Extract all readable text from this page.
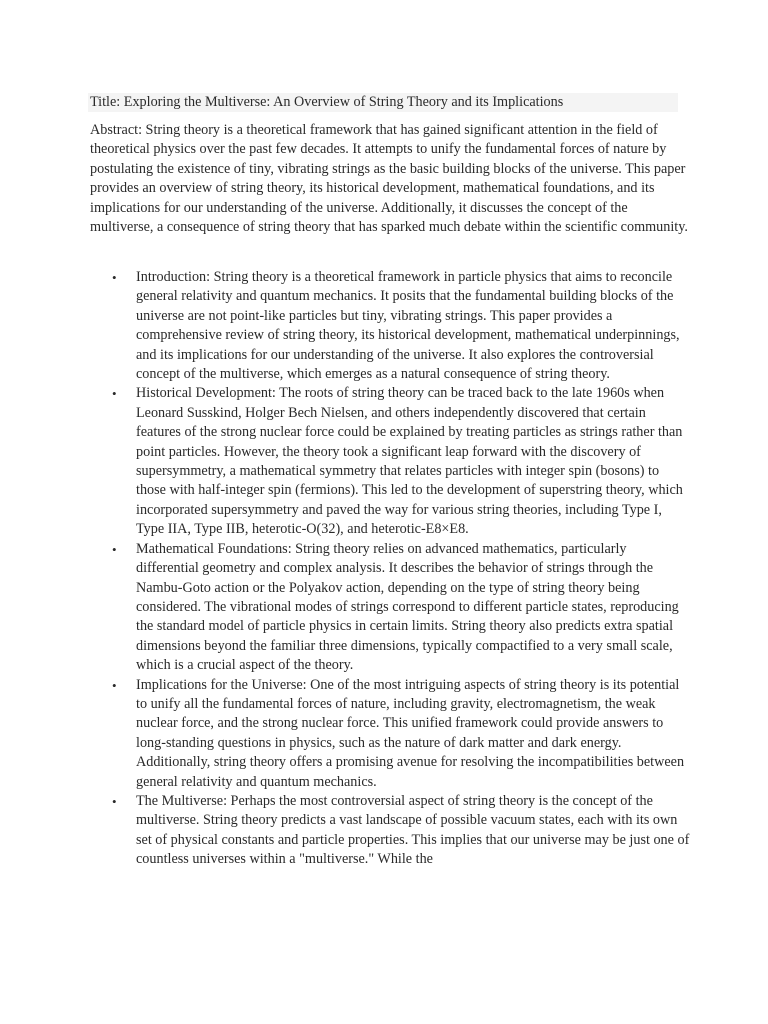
Title: Exploring the Multiverse: An Overview of String Theory and its Implications

Abstract: String theory is a theoretical framework that has gained significant attention in the field of theoretical physics over the past few decades. It attempts to unify the fundamental forces of nature by postulating the existence of tiny, vibrating strings as the basic building blocks of the universe. This paper provides an overview of string theory, its historical development, mathematical foundations, and its implications for our understanding of the universe. Additionally, it discusses the concept of the multiverse, a consequence of string theory that has sparked much debate within the scientific community.

• Introduction: String theory is a theoretical framework in particle physics that aims to reconcile general relativity and quantum mechanics. It posits that the fundamental building blocks of the universe are not point-like particles but tiny, vibrating strings. This paper provides a comprehensive review of string theory, its historical development, mathematical underpinnings, and its implications for our understanding of the universe. It also explores the controversial concept of the multiverse, which emerges as a natural consequence of string theory.
• Historical Development: The roots of string theory can be traced back to the late 1960s when Leonard Susskind, Holger Bech Nielsen, and others independently discovered that certain features of the strong nuclear force could be explained by treating particles as strings rather than point particles. However, the theory took a significant leap forward with the discovery of supersymmetry, a mathematical symmetry that relates particles with integer spin (bosons) to those with half-integer spin (fermions). This led to the development of superstring theory, which incorporated supersymmetry and paved the way for various string theories, including Type I, Type IIA, Type IIB, heterotic-O(32), and heterotic-E8×E8.
• Mathematical Foundations: String theory relies on advanced mathematics, particularly differential geometry and complex analysis. It describes the behavior of strings through the Nambu-Goto action or the Polyakov action, depending on the type of string theory being considered. The vibrational modes of strings correspond to different particle states, reproducing the standard model of particle physics in certain limits. String theory also predicts extra spatial dimensions beyond the familiar three dimensions, typically compactified to a very small scale, which is a crucial aspect of the theory.
• Implications for the Universe: One of the most intriguing aspects of string theory is its potential to unify all the fundamental forces of nature, including gravity, electromagnetism, the weak nuclear force, and the strong nuclear force. This unified framework could provide answers to long-standing questions in physics, such as the nature of dark matter and dark energy. Additionally, string theory offers a promising avenue for resolving the incompatibilities between general relativity and quantum mechanics.
• The Multiverse: Perhaps the most controversial aspect of string theory is the concept of the multiverse. String theory predicts a vast landscape of possible vacuum states, each with its own set of physical constants and particle properties. This implies that our universe may be just one of countless universes within a "multiverse." While the
